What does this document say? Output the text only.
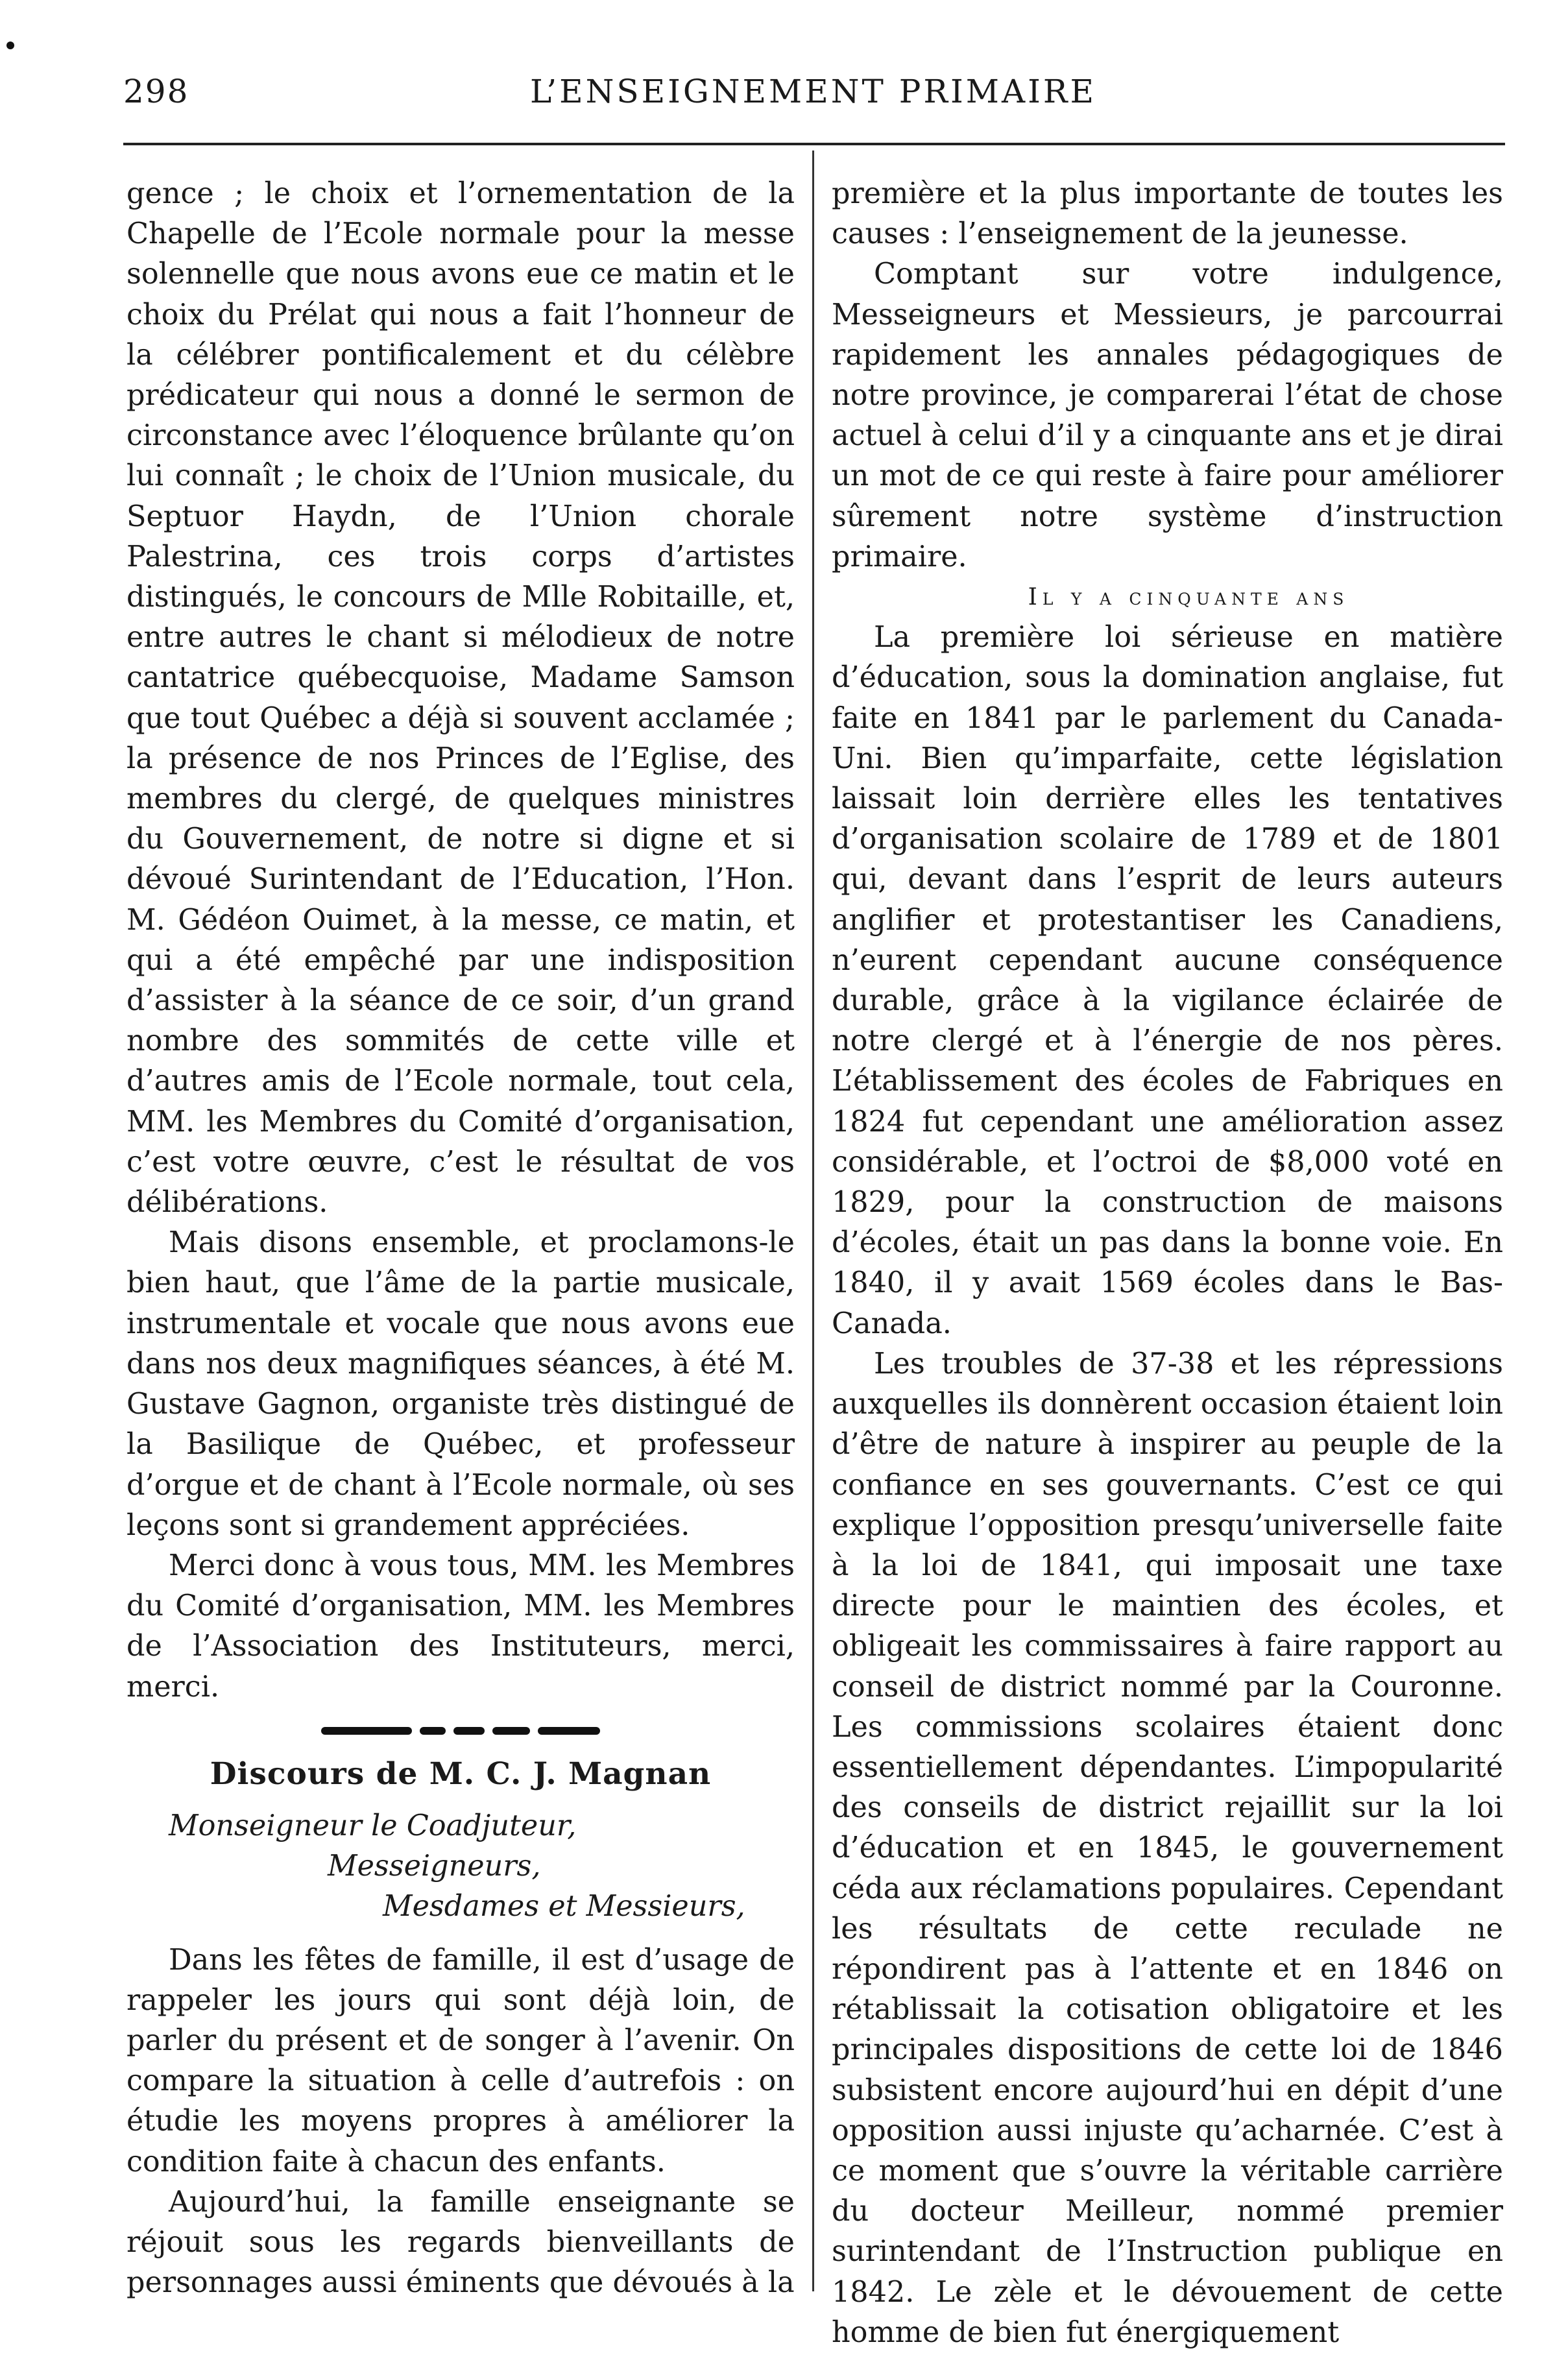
298	L’ENSEIGNEMENT PRIMAIRE

gence ; le choix et l’ornementation de la Chapelle de l’Ecole normale pour la messe solennelle que nous avons eue ce matin et le choix du Prélat qui nous a fait l’honneur de la célébrer pontificalement et du célèbre prédicateur qui nous a donné le sermon de circonstance avec l’éloquence brûlante qu’on lui connaît ; le choix de l’Union musicale, du Septuor Haydn, de l’Union chorale Palestrina, ces trois corps d’artistes distingués, le concours de Mlle Robitaille, et, entre autres le chant si mélodieux de notre cantatrice québecquoise, Madame Samson que tout Québec a déjà si souvent acclamée ; la présence de nos Princes de l’Eglise, des membres du clergé, de quelques ministres du Gouvernement, de notre si digne et si dévoué Surintendant de l’Education, l’Hon. M. Gédéon Ouimet, à la messe, ce matin, et qui a été empêché par une indisposition d’assister à la séance de ce soir, d’un grand nombre des sommités de cette ville et d’autres amis de l’Ecole normale, tout cela, MM. les Membres du Comité d’organisation, c’est votre œuvre, c’est le résultat de vos délibérations.

Mais disons ensemble, et proclamons-le bien haut, que l’âme de la partie musicale, instrumentale et vocale que nous avons eue dans nos deux magnifiques séances, à été M. Gustave Gagnon, organiste très distingué de la Basilique de Québec, et professeur d’orgue et de chant à l’Ecole normale, où ses leçons sont si grandement appréciées.

Merci donc à vous tous, MM. les Membres du Comité d’organisation, MM. les Membres de l’Association des Instituteurs, merci, merci.

Discours de M. C. J. Magnan

Monseigneur le Coadjuteur,

Messeigneurs,

Mesdames et Messieurs,

Dans les fêtes de famille, il est d’usage de rappeler les jours qui sont déjà loin, de parler du présent et de songer à l’avenir. On compare la situation à celle d’autrefois : on étudie les moyens propres à améliorer la condition faite à chacun des enfants.

Aujourd’hui, la famille enseignante se réjouit sous les regards bienveillants de personnages aussi éminents que dévoués à la

première et la plus importante de toutes les causes : l’enseignement de la jeunesse.

Comptant sur votre indulgence, Messeigneurs et Messieurs, je parcourrai rapidement les annales pédagogiques de notre province, je comparerai l’état de chose actuel à celui d’il y a cinquante ans et je dirai un mot de ce qui reste à faire pour améliorer sûrement notre système d’instruction primaire.

Il y a cinquante ans

La première loi sérieuse en matière d’éducation, sous la domination anglaise, fut faite en 1841 par le parlement du Canada-Uni. Bien qu’imparfaite, cette législation laissait loin derrière elles les tentatives d’organisation scolaire de 1789 et de 1801 qui, devant dans l’esprit de leurs auteurs anglifier et protestantiser les Canadiens, n’eurent cependant aucune conséquence durable, grâce à la vigilance éclairée de notre clergé et à l’énergie de nos pères. L’établissement des écoles de Fabriques en 1824 fut cependant une amélioration assez considérable, et l’octroi de $8,000 voté en 1829, pour la construction de maisons d’écoles, était un pas dans la bonne voie. En 1840, il y avait 1569 écoles dans le Bas-Canada.

Les troubles de 37-38 et les répressions auxquelles ils donnèrent occasion étaient loin d’être de nature à inspirer au peuple de la confiance en ses gouvernants. C’est ce qui explique l’opposition presqu’universelle faite à la loi de 1841, qui imposait une taxe directe pour le maintien des écoles, et obligeait les commissaires à faire rapport au conseil de district nommé par la Couronne. Les commissions scolaires étaient donc essentiellement dépendantes. L’impopularité des conseils de district rejaillit sur la loi d’éducation et en 1845, le gouvernement céda aux réclamations populaires. Cependant les résultats de cette reculade ne répondirent pas à l’attente et en 1846 on rétablissait la cotisation obligatoire et les principales dispositions de cette loi de 1846 subsistent encore aujourd’hui en dépit d’une opposition aussi injuste qu’acharnée. C’est à ce moment que s’ouvre la véritable carrière du docteur Meilleur, nommé premier surintendant de l’Instruction publique en 1842. Le zèle et le dévouement de cette homme de bien fut énergiquement
